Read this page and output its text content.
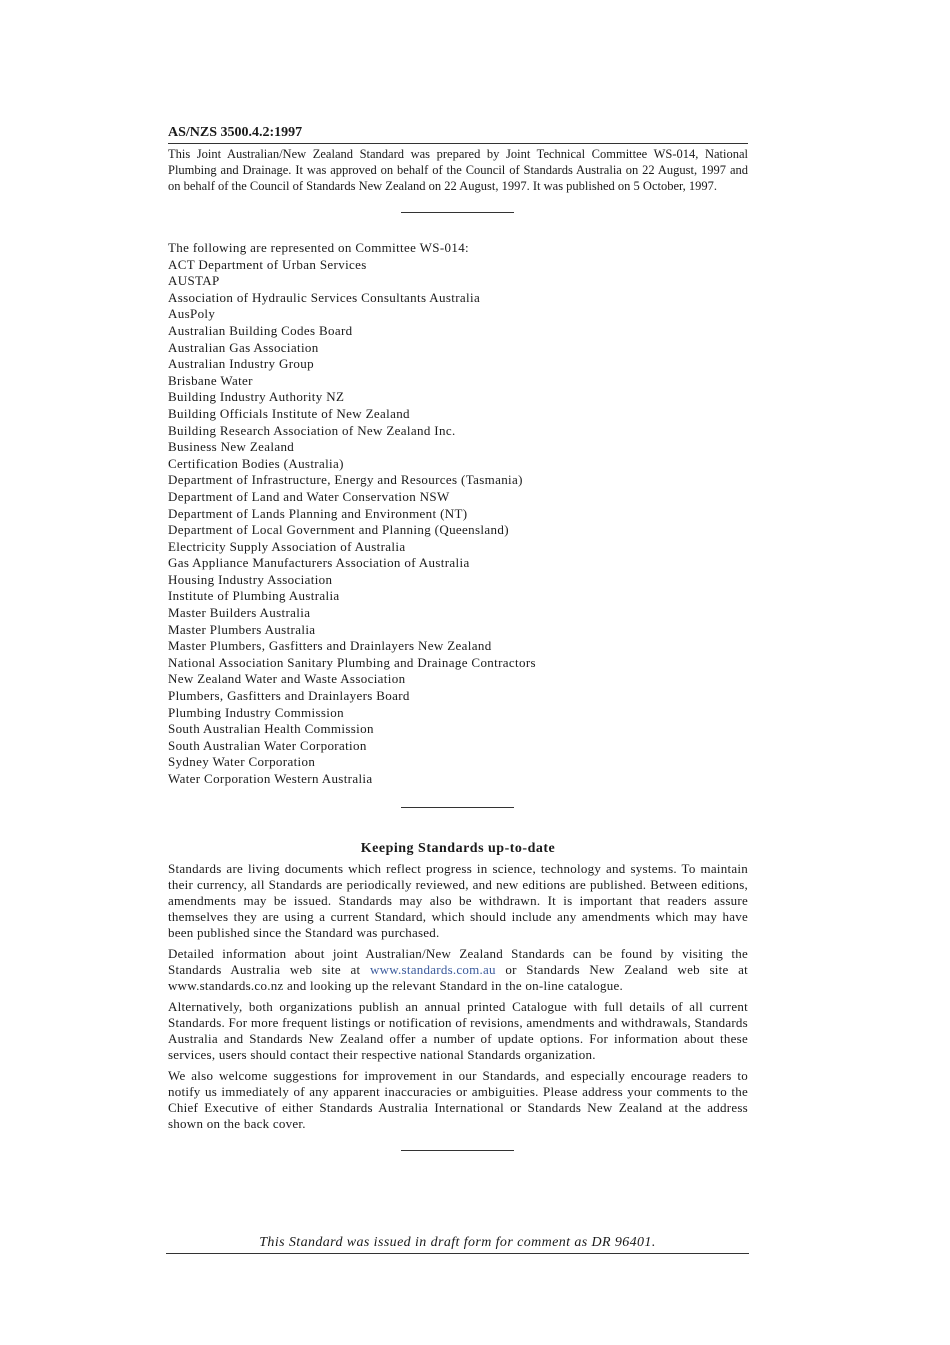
AS/NZS 3500.4.2:1997

This Joint Australian/New Zealand Standard was prepared by Joint Technical Committee WS-014, National Plumbing and Drainage. It was approved on behalf of the Council of Standards Australia on 22 August, 1997 and on behalf of the Council of Standards New Zealand on 22 August, 1997. It was published on 5 October, 1997.

The following are represented on Committee WS-014:
ACT Department of Urban Services
AUSTAP
Association of Hydraulic Services Consultants Australia
AusPoly
Australian Building Codes Board
Australian Gas Association
Australian Industry Group
Brisbane Water
Building Industry Authority NZ
Building Officials Institute of New Zealand
Building Research Association of New Zealand Inc.
Business New Zealand
Certification Bodies (Australia)
Department of Infrastructure, Energy and Resources (Tasmania)
Department of Land and Water Conservation NSW
Department of Lands Planning and Environment (NT)
Department of Local Government and Planning (Queensland)
Electricity Supply Association of Australia
Gas Appliance Manufacturers Association of Australia
Housing Industry Association
Institute of Plumbing Australia
Master Builders Australia
Master Plumbers Australia
Master Plumbers, Gasfitters and Drainlayers New Zealand
National Association Sanitary Plumbing and Drainage Contractors
New Zealand Water and Waste Association
Plumbers, Gasfitters and Drainlayers Board
Plumbing Industry Commission
South Australian Health Commission
South Australian Water Corporation
Sydney Water Corporation
Water Corporation Western Australia

Keeping Standards up-to-date

Standards are living documents which reflect progress in science, technology and systems. To maintain their currency, all Standards are periodically reviewed, and new editions are published. Between editions, amendments may be issued. Standards may also be withdrawn. It is important that readers assure themselves they are using a current Standard, which should include any amendments which may have been published since the Standard was purchased.

Detailed information about joint Australian/New Zealand Standards can be found by visiting the Standards Australia web site at www.standards.com.au or Standards New Zealand web site at www.standards.co.nz and looking up the relevant Standard in the on-line catalogue.

Alternatively, both organizations publish an annual printed Catalogue with full details of all current Standards. For more frequent listings or notification of revisions, amendments and withdrawals, Standards Australia and Standards New Zealand offer a number of update options. For information about these services, users should contact their respective national Standards organization.

We also welcome suggestions for improvement in our Standards, and especially encourage readers to notify us immediately of any apparent inaccuracies or ambiguities. Please address your comments to the Chief Executive of either Standards Australia International or Standards New Zealand at the address shown on the back cover.

This Standard was issued in draft form for comment as DR 96401.
